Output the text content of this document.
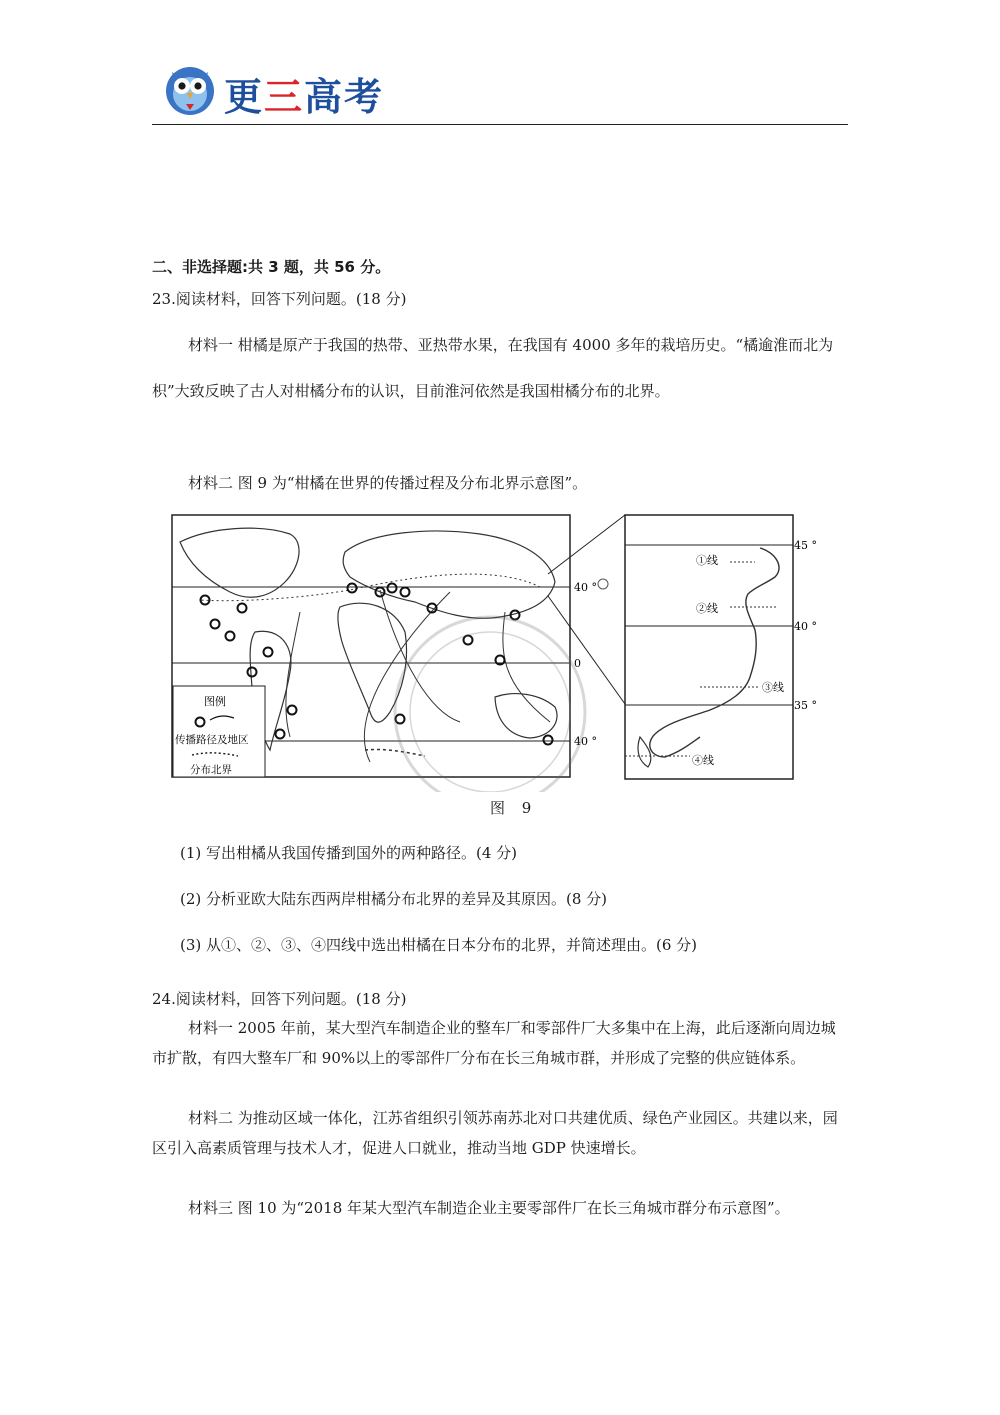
更三高考
二、非选择题:共 3 题，共 56 分。
23.阅读材料，回答下列问题。(18 分)
材料一 柑橘是原产于我国的热带、亚热带水果，在我国有 4000 多年的栽培历史。“橘逾淮而北为枳”大致反映了古人对柑橘分布的认识，目前淮河依然是我国柑橘分布的北界。
材料二 图 9 为“柑橘在世界的传播过程及分布北界示意图”。
40 °
0
40 °
图例
传播路径及地区
分布北界
①线
②线
③线
④线
45 °
40 °
35 °
图 9
(1) 写出柑橘从我国传播到国外的两种路径。(4 分)
(2) 分析亚欧大陆东西两岸柑橘分布北界的差异及其原因。(8 分)
(3) 从①、②、③、④四线中选出柑橘在日本分布的北界，并简述理由。(6 分)
24.阅读材料，回答下列问题。(18 分)
材料一 2005 年前，某大型汽车制造企业的整车厂和零部件厂大多集中在上海，此后逐渐向周边城市扩散，有四大整车厂和 90%以上的零部件厂分布在长三角城市群，并形成了完整的供应链体系。
材料二 为推动区域一体化，江苏省组织引领苏南苏北对口共建优质、绿色产业园区。共建以来，园区引入高素质管理与技术人才，促进人口就业，推动当地 GDP 快速增长。
材料三 图 10 为“2018 年某大型汽车制造企业主要零部件厂在长三角城市群分布示意图”。
